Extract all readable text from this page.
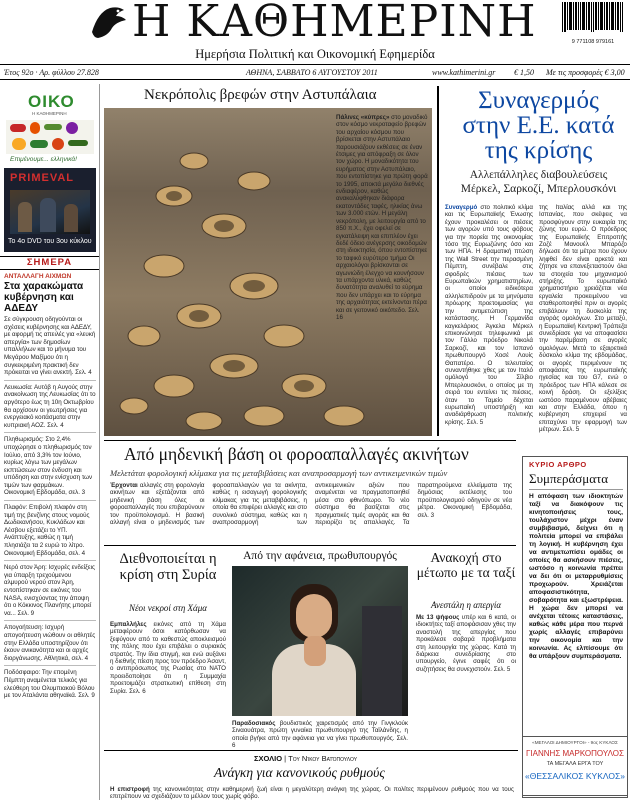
Η ΚΑΘΗΜΕΡΙΝΗ
Ημερήσια Πολιτική και Οικονομική Εφημερίδα
9 771108 979161
Έτος 92ο · Αρ. φύλλου 27.828	ΑΘΗΝΑ, ΣΑΒΒΑΤΟ 6 ΑΥΓΟΥΣΤΟΥ 2011	www.kathimerini.gr € 1,50 Με τις προσφορές € 3,00
ΟΙΚΟ
Η ΚΑΘΗΜΕΡΙΝΗ
Επιμένουμε... ελληνικά!
PRIMEVAL
Το 4ο DVD του 3ου κύκλου
ΣΗΜΕΡΑ
ΑΝΤΑΛΛΑΓΗ ΑΙΧΜΩΝ
Στα χαρακώματα κυβέρνηση και ΑΔΕΔΥ
Σε σύγκρουση οδηγούνται οι σχέσεις κυβέρνησης και ΑΔΕΔΥ, με αφορμή τις απειλές για «λευκή απεργία» των δημοσίων υπαλλήλων και το μήνυμα του Μεγάρου Μαξίμου ότι η συγκεκριμένη πρακτική δεν πρόκειται να γίνει ανεκτή. Σελ. 4
Λευκωσία: Αυτόβ η Αυγούς στην ανακοίνωση της Λευκωσίας ότι το αργότερο έως τη 10η Οκτωβρίου θα αρχίσουν οι γεωτρήσεις για ενεργειακό κοιτάσματα στην κυπριακή ΑΟΖ. Σελ. 4
Πληθωρισμός: Στο 2,4% υποχώρησε ο πληθωρισμός τον Ιούλιο, από 3,3% τον Ιούνιο, κυρίως λόγω των μεγάλων εκπτώσεων στον ένδυση και υπόδηση και στην ενίσχυση των τιμών των φαρμάκων. Οικονομική Εβδομάδα, σελ. 3
Πλαφόν: Επιβολή πλαφόν στη τιμή της βενζίνης στους νομούς Δωδεκανήσου, Κυκλάδων και Λέσβου εξετάζει το ΥΠ. Ανάπτυξης, καθώς η τιμή πλησιάζει τα 2 ευρώ το λίτρο. Οικονομική Εβδομάδα, σελ. 4
Νερό στον Άρη: Ισχυρές ενδείξεις για ύπαρξη τρεχούμενου αλμυρού νερού στον Άρη, εντοπίστηκαν σε εικόνες του NASA, ενισχύοντας την άποψη ότι ο Κόκκινος Πλανήτης μπορεί να... Σελ. 9
Απογοήτευση: Ισχυρή απογοήτευση νιώθουν οι αθλητές στην Ελλάδα υποστηρίζουν ότι έκουν ανικανότητα και οι αρχές διοργάνωσης. Αθλητικά, σελ. 4
Ποδόσφαιρο: Την επομένη Πέμπτη αναμένεται τελικός για ελεύθερη του Ολυμπιακού Βόλου με τον Αταλάντα αθηναϊκά. Σελ. 9
Νεκρόπολις βρεφών στην Αστυπάλαια
Πάλινες «κύπρες» στο μοναδικό στον κόσμο νεκροταφείο βρεφών του αρχαίου κόσμου που βρίσκεται στην Αστυπάλαιο παρουσιάζουν εκθέσεις σε έναν έτσιμες για απόφραξη σε όλον τον χώρο. Η μοναδικότητα του ευρήματος στην Αστυπάλαιο, που εντοπίστηκε για πρώτη φορά το 1995, αποκτά μεγάλο διεθνές ενδιαφέρον, καθώς ανακαλύφθηκαν διάφορα εκατοντάδες ταφές, ηλικίας άνω των 3.000 ετών. Η μεγάλη νεκρόπολη, με λειτουργία από το 850 π.Χ., έχει οφελεί σε εγκατάλειψη και επιπλέον έχει δεδέ όδειο ανέγερσης οικοδομών στη ιδιοκτησία, όπου εντοπίστηκε το ταφικό ευρύτερο τμήμα Οι αρχαιολόγοι βρίσκονται σε αγωνιώδη έλεγχο να κουνήσουν τα υπάρχοντα υλικά, καθώς δυνατότητα αναλυθεί το εύρημα που δεν υπάρχει και το εύρημα της αρχαιότητας εκτείνονται πέρα και σε γειτονικό οικόπεδο. Σελ. 16
Συναγερμός
στην Ε.Ε. κατά
της κρίσης
Αλλεπάλληλες διαβουλεύσεις
Μέρκελ, Σαρκοζί, Μπερλουσκόνι
Συναγερμό στο πολιτικό κλίμα και τις Ευρωπαϊκής Ένωσης έχουν προκαλέσει οι πιέσεις των αγορών υπό τους φόβους για την πορεία της οικονομίας τόσο της Ευρωζώνης όσο και των ΗΠΑ. Η δραματική πτώση της Wall Street την περασμένη Πέμπτη, συνέβαλε στις σφοδρές πιέσεις των Ευρωπαϊκών χρηματιστηρίων, οι οποίοι ειδικότερα αλληλεπιδρούν με τα μηνύματα πρόωρης προετοιμασίας για την αντιμετώπιση της κατάστασης. Η Γερμανίδα καγκελάριος Άγκελα Μέρκελ επικοινώνησε τηλεφωνικά με τον Γάλλο πρόεδρο Νικολά Σαρκοζί, και τον Ισπανό πρωθυπουργό Χοσέ Λουίς Θαπατέρο. Ο τελευταίος συναντήθηκε χθες με τον Ιταλό ομόλογό του Σίλβιο Μπερλουσκόνι, ο οποίος με τη σειρά του εντείνει τις πιέσεις, όταν το Ταμείο δέχεται ευρωπαϊκή υποστήριξη και αναδιάρθρωση πολιτικής κρίσης. Σελ. 5
της Ιταλίας αλλά και της Ισπανίας, που σκέψεις να προσφύγουν στην ευκαιρία της ζώνης του ευρώ. Ο πρόεδρος της Ευρωπαϊκής Επιτροπής Ζοζέ Μανουέλ Μπαρόζο δήλωσε ότι τα μέτρα που έχουν ληφθεί δεν είναι αρκετά και ζήτησε να επανεξεταστούν όλα τα στοιχεία του μηχανισμού στήριξης. Το ευρωπαϊκό χρηματιστήριο χρειάζεται νέα εργαλεία προκειμένου να σταθεροποιηθεί πριν οι αγορές επιβάλουν τη δυσκολία της αγοράς ομολόγων. Στο μεταξύ, η Ευρωπαϊκή Κεντρική Τράπεζα συνεδρίασε για να αποφασίσει την παρέμβαση σε αγορές ομολόγων. Μετά το εξαιρετικά δύσκολο κλίμα της εβδομάδας, οι αγορές περιμένουν τις αποφάσεις της ευρωπαϊκής ηγεσίας και του G7, ενώ ο πρόεδρος των ΗΠΑ κάλεσε σε κοινή δράση. Οι εξελίξεις ωστόσο παραμένουν αβέβαιες και στην Ελλάδα, όπου η κυβέρνηση επιχειρεί να επιταχύνει την εφαρμογή των μέτρων. Σελ. 5
Από μηδενική βάση οι φοροαπαλλαγές ακινήτων
Μελετάται φορολογική κλίμακα για τις μεταβιβάσεις και αναπροσαρμογή των αντικειμενικών τιμών
Έρχονται αλλαγές στη φορολογία ακινήτων και εξετάζονται από μηδενική βάση όλες οι φοροαπαλλαγές που επιβαρύνουν τον προϋπολογισμό. Η βασική αλλαγή είναι ο μηδενισμός των φοροαπαλλαγών για τα ακίνητα, καθώς η εισαγωγή φορολογικής κλίμακας για τις μεταβιβάσεις, η οποία θα επιφέρει αλλαγές και στο συνολικό σύστημα, καθώς και η αναπροσαρμογή των αντικειμενικών αξιών που αναμένεται να πραγματοποιηθεί μέσα στο φθινόπωρο. Το νέο σύστημα θα βασίζεται στις πραγματικές τιμές αγοράς και θα περιορίζει τις απαλλαγές. Τα παρατηρούμενα ελλείμματα της δημόσιας εκτέλεσης του προϋπολογισμού οδηγούν σε νέα μέτρα. Οικονομική Εβδομάδα, σελ. 3
ΚΥΡΙΟ ΑΡΘΡΟ
Συμπεράσματα
Η απόφαση των ιδιοκτητών ταξί να διακόψουν τις κινητοποιήσεις τους, τουλάχιστον μέχρι έναν συμβιβασμό, δείχνει ότι η πολιτεία μπορεί να επιβάλει τη λογική. Η κυβέρνηση έχει να αντιμετωπίσει ομάδες οι οποίες θα ασκήσουν πιέσεις, ωστόσο η κοινωνία πρέπει να δει ότι οι μεταρρυθμίσεις προχωρούν. Χρειάζεται αποφασιστικότητα, σοβαρότητα και εξωστρέφεια. Η χώρα δεν μπορεί να ανέχεται τέτοιες καταστάσεις, καθώς κάθε μέρα που περνά χωρίς αλλαγές επιβαρύνει την οικονομία και την κοινωνία. Ας ελπίσουμε ότι θα υπάρξουν συμπεράσματα.
Διεθνοποιείται η κρίση στη Συρία
Νέοι νεκροί στη Χάμα
Εμπαλλήλες εικόνες από τη Χάμα μεταφέρουν όσοι κατόρθωσαν να ξεφύγουν από το καθεστώς αποκλεισμού της πόλης που έχει επιβάλει ο συριακός στρατός. Την ίδια στιγμή, και ενώ αυξάνει η διεθνής πίεση προς τον πρόεδρο Άσαντ, ο αντιπρόσωπος της Ρωσίας στο ΝΑΤΟ προειδοποίησε ότι η Συμμαχία προετοιμάζει στρατιωτική επίθεση στη Συρία. Σελ. 6
Από την αφάνεια, πρωθυπουργός
Παραδοσιακός βουδιστικός χαιρετισμός από την Γινγκλούκ Σιναουάτρα, πρώτη γυναίκα πρωθυπουργό της Ταϊλάνδης, η οποία βγήκε από την αφάνεια για να γίνει πρωθυπουργός. Σελ. 6
Ανακοχή στο μέτωπο με τα ταξί
Ανεστάλη η απεργία
Με 13 ψήφους υπέρ και 6 κατά, οι ιδιοκτήτες ταξί αποφάσισαν χθες την αναστολή της απεργίας που προκάλεσε σοβαρά προβλήματα στη λειτουργία της χώρας. Κατά τη διάρκεια συνεδρίασης στο υπουργείο, έγινε σαφές ότι οι συζητήσεις θα συνεχιστούν. Σελ. 5
ΣΧΟΛΙΟ | Του Νίκου Βατόπουλου
Ανάγκη για κανονικούς ρυθμούς
Η επιστροφή της κανονικότητας στην καθημερινή ζωή είναι η μεγαλύτερη ανάγκη της χώρας. Οι πολίτες περιμένουν ρυθμούς που να τους επιτρέπουν να σχεδιάζουν το μέλλον τους χωρίς φόβο.
«ΜΕΓΑΛΟΙ ΔΗΜΙΟΥΡΓΟΙ» - 9ος ΚΥΚΛΟΣ
ΓΙΑΝΝΗΣ ΜΑΡΚΟΠΟΥΛΟΣ
ΤΑ ΜΕΓΑΛΑ ΕΡΓΑ ΤΟΥ
«ΘΕΣΣΑΛΙΚΟΣ ΚΥΚΛΟΣ»
